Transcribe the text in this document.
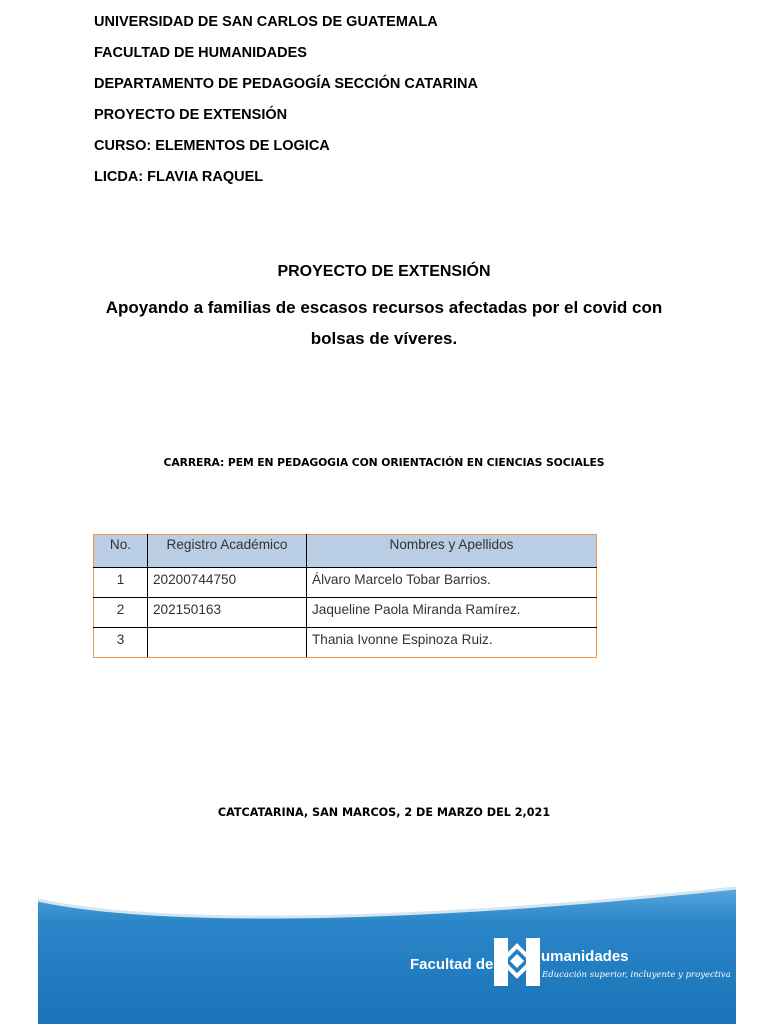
UNIVERSIDAD DE SAN CARLOS DE GUATEMALA
FACULTAD DE HUMANIDADES
DEPARTAMENTO DE PEDAGOGÍA SECCIÓN CATARINA
PROYECTO DE EXTENSIÓN
CURSO: ELEMENTOS DE LOGICA
LICDA: FLAVIA RAQUEL
PROYECTO DE EXTENSIÓN
Apoyando a familias de escasos recursos afectadas por el covid con
bolsas de víveres.
CARRERA: PEM EN PEDAGOGIA CON ORIENTACIÓN EN CIENCIAS SOCIALES
No.	Registro Académico	Nombres y Apellidos
1	20200744750	Álvaro Marcelo Tobar Barrios.
2	202150163	Jaqueline Paola Miranda Ramírez.
3		Thania Ivonne Espinoza Ruiz.
CATCATARINA, SAN MARCOS, 2 DE MARZO DEL 2,021
Facultad de	umanidades
Educación superior, incluyente y proyectiva
